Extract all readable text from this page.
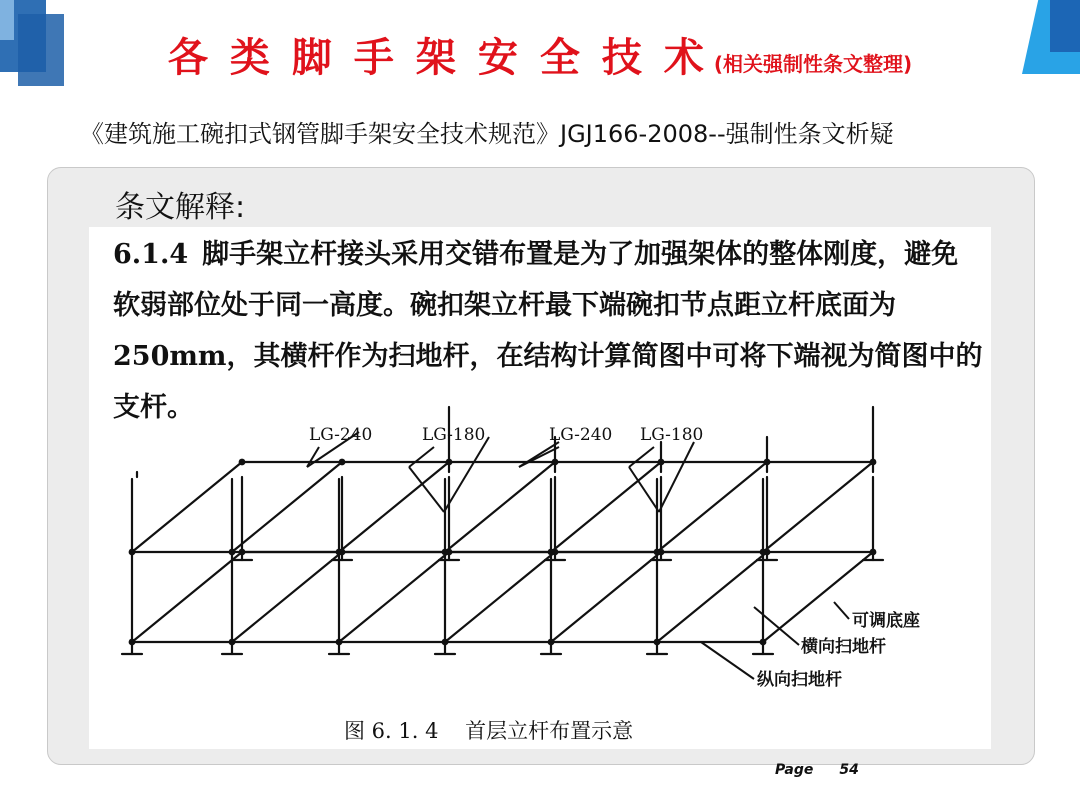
各类脚手架安全技术(相关强制性条文整理)
《建筑施工碗扣式钢管脚手架安全技术规范》JGJ166-2008--强制性条文析疑
条文解释:
6.1.4 脚手架立杆接头采用交错布置是为了加强架体的整体刚度，避免软弱部位处于同一高度。碗扣架立杆最下端碗扣节点距立杆底面为 250mm，其横杆作为扫地杆，在结构计算简图中可将下端视为简图中的支杆。
LG-240	LG-180	LG-240 LG-180
可调底座
横向扫地杆
纵向扫地杆
图 6. 1. 4 首层立杆布置示意
Page 54
